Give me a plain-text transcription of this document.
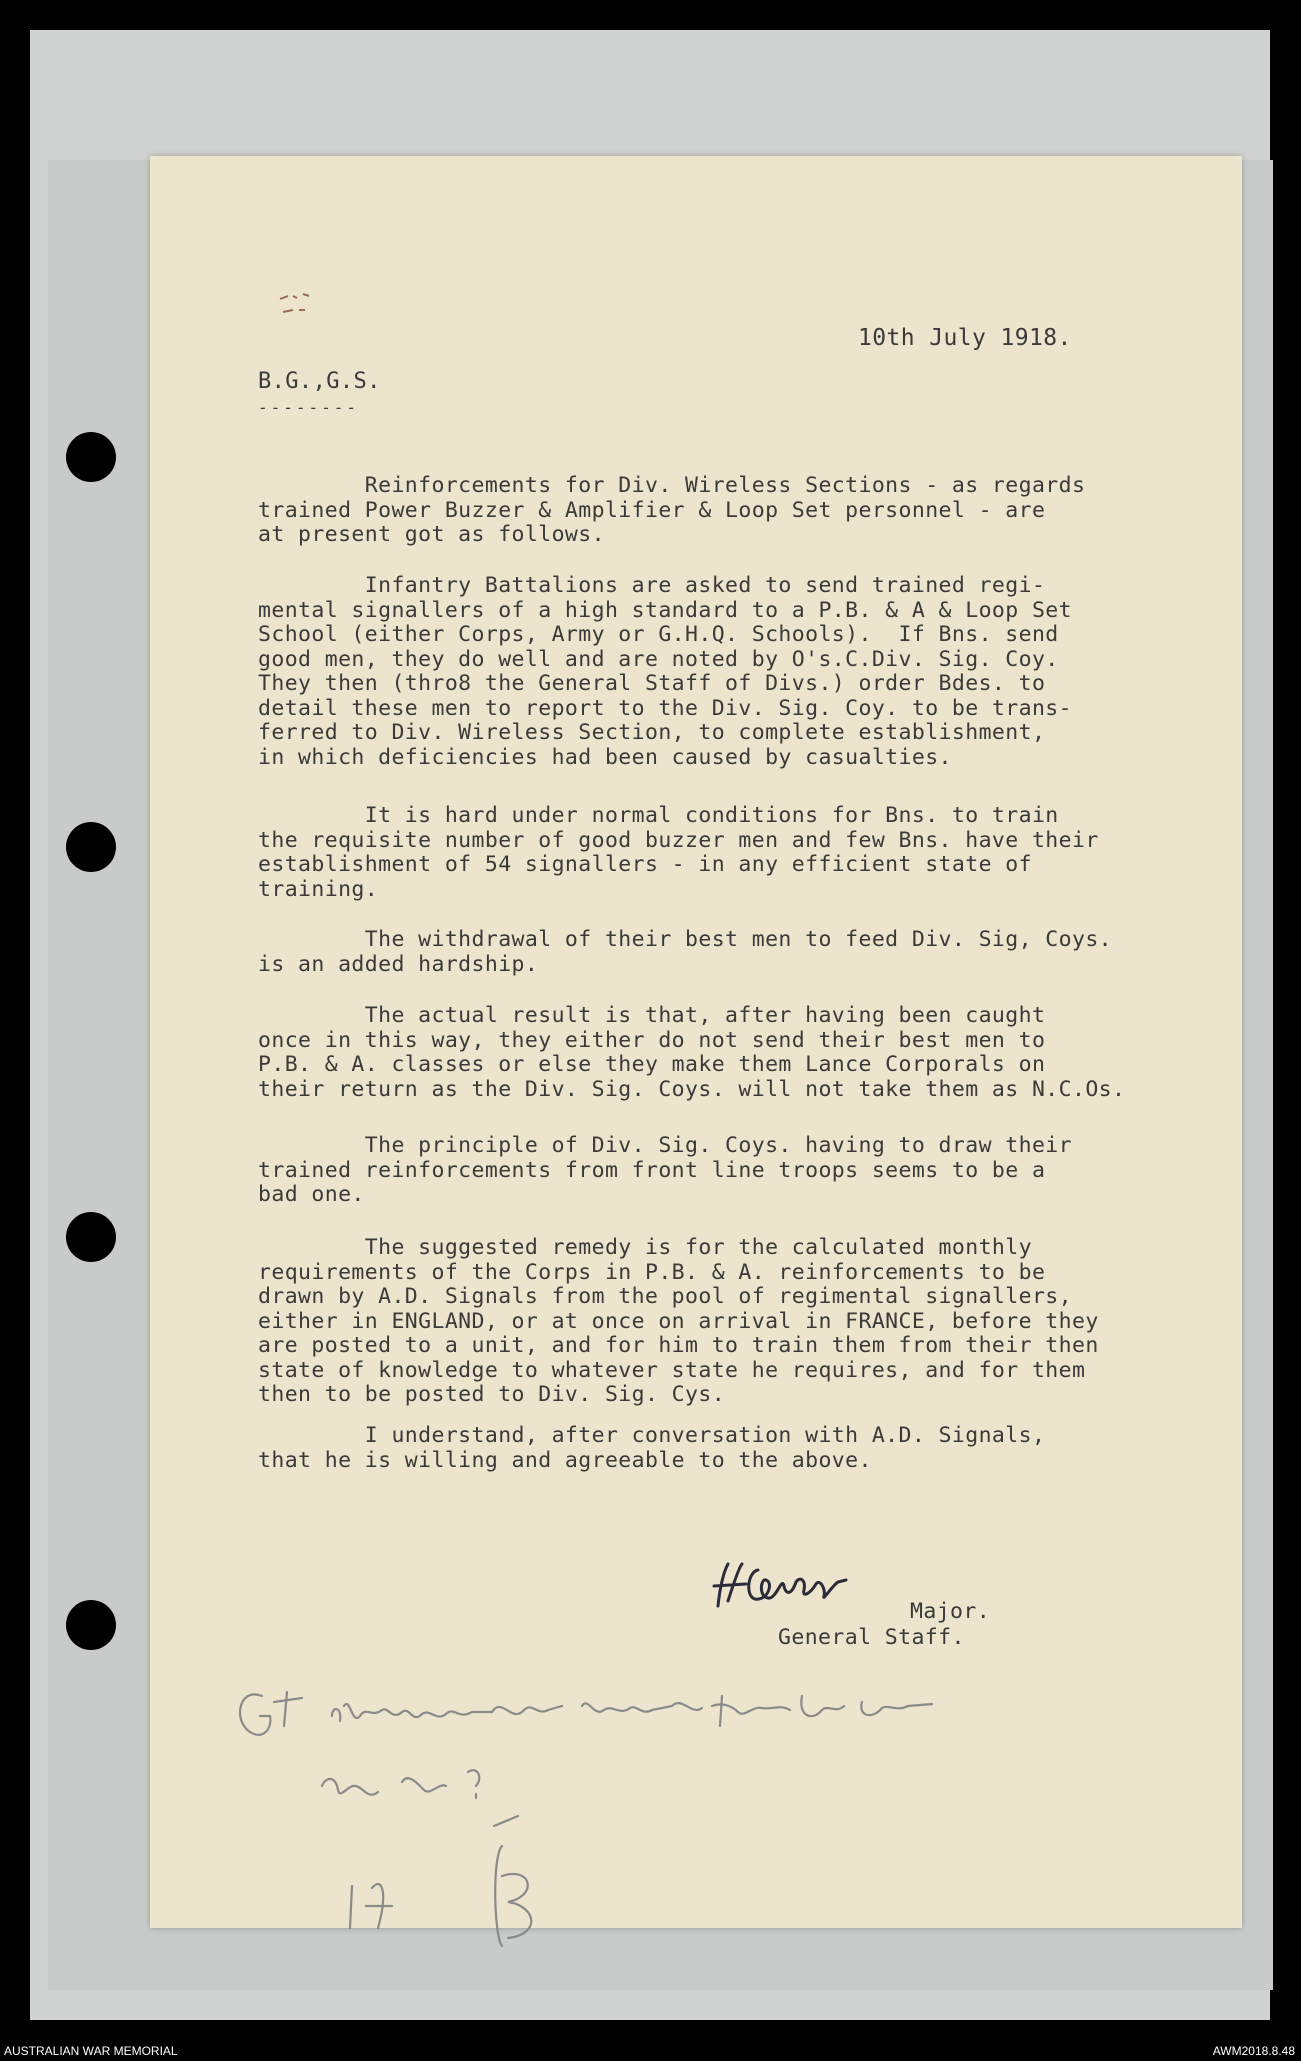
10th July 1918.
B.G.,G.S.
--------
Reinforcements for Div. Wireless Sections - as regards
trained Power Buzzer & Amplifier & Loop Set personnel - are
at present got as follows.
Infantry Battalions are asked to send trained regi-
mental signallers of a high standard to a P.B. & A & Loop Set
School (either Corps, Army or G.H.Q. Schools).  If Bns. send
good men, they do well and are noted by O's.C.Div. Sig. Coy.
They then (thro8 the General Staff of Divs.) order Bdes. to
detail these men to report to the Div. Sig. Coy. to be trans-
ferred to Div. Wireless Section, to complete establishment,
in which deficiencies had been caused by casualties.
It is hard under normal conditions for Bns. to train
the requisite number of good buzzer men and few Bns. have their
establishment of 54 signallers - in any efficient state of
training.
The withdrawal of their best men to feed Div. Sig, Coys.
is an added hardship.
The actual result is that, after having been caught
once in this way, they either do not send their best men to
P.B. & A. classes or else they make them Lance Corporals on
their return as the Div. Sig. Coys. will not take them as N.C.Os.
The principle of Div. Sig. Coys. having to draw their
trained reinforcements from front line troops seems to be a
bad one.
The suggested remedy is for the calculated monthly
requirements of the Corps in P.B. & A. reinforcements to be
drawn by A.D. Signals from the pool of regimental signallers,
either in ENGLAND, or at once on arrival in FRANCE, before they
are posted to a unit, and for him to train them from their then
state of knowledge to whatever state he requires, and for them
then to be posted to Div. Sig. Cys.
I understand, after conversation with A.D. Signals,
that he is willing and agreeable to the above.
Major.
General Staff.
AUSTRALIAN WAR MEMORIAL	AWM2018.8.48
